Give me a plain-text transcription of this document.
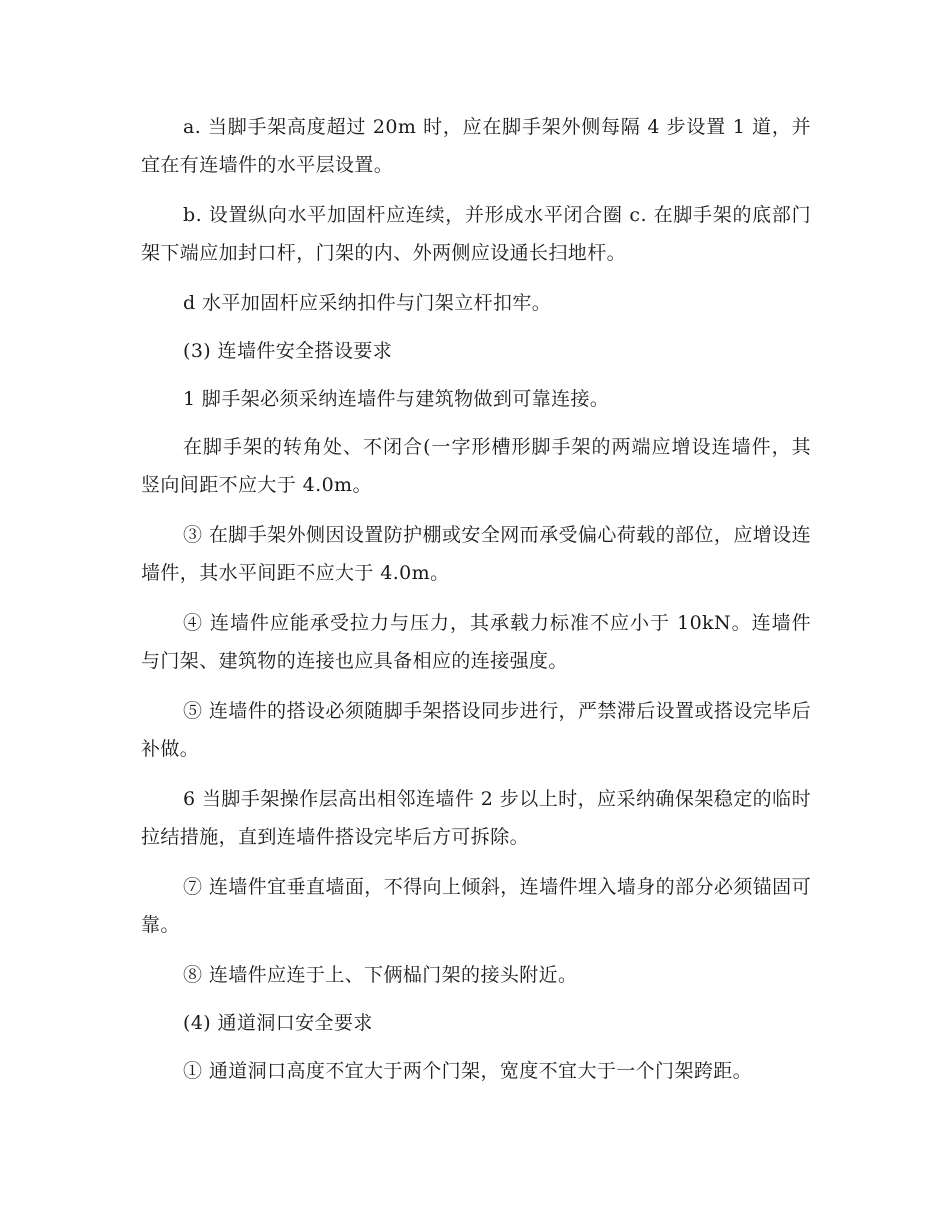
a. 当脚手架高度超过 20m 时，应在脚手架外侧每隔 4 步设置 1 道，并宜在有连墙件的水平层设置。

b. 设置纵向水平加固杆应连续，并形成水平闭合圈 c. 在脚手架的底部门架下端应加封口杆，门架的内、外两侧应设通长扫地杆。

d 水平加固杆应采纳扣件与门架立杆扣牢。

(3) 连墙件安全搭设要求

1 脚手架必须采纳连墙件与建筑物做到可靠连接。

在脚手架的转角处、不闭合(一字形槽形脚手架的两端应增设连墙件，其竖向间距不应大于 4.0m。

③ 在脚手架外侧因设置防护棚或安全网而承受偏心荷载的部位，应增设连墙件，其水平间距不应大于 4.0m。

④ 连墙件应能承受拉力与压力，其承载力标准不应小于 10kN。连墙件与门架、建筑物的连接也应具备相应的连接强度。

⑤ 连墙件的搭设必须随脚手架搭设同步进行，严禁滞后设置或搭设完毕后补做。

6 当脚手架操作层高出相邻连墙件 2 步以上时，应采纳确保架稳定的临时拉结措施，直到连墙件搭设完毕后方可拆除。

⑦ 连墙件宜垂直墙面，不得向上倾斜，连墙件埋入墙身的部分必须锚固可靠。

⑧ 连墙件应连于上、下俩榀门架的接头附近。

(4) 通道洞口安全要求

① 通道洞口高度不宜大于两个门架，宽度不宜大于一个门架跨距。
